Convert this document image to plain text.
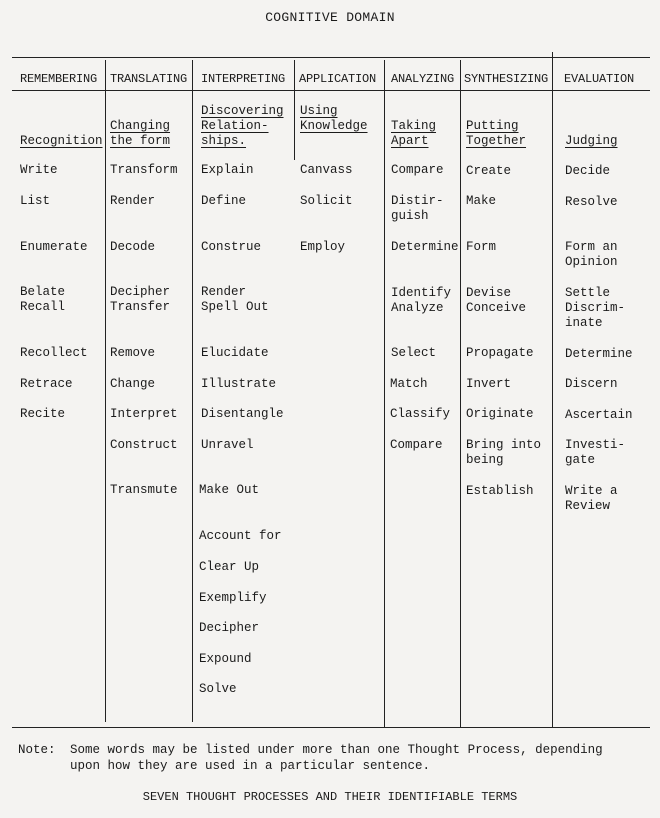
COGNITIVE DOMAIN
REMEMBERING TRANSLATING INTERPRETING APPLICATION ANALYZING SYNTHESIZING EVALUATION
Recognition
Changing
the form
Discovering
Relation-
ships.
Using
Knowledge Taking
Apart
Putting
Together	Judging
Write
List
Enumerate
Belate
Recall
Recollect
Retrace
Recite
Transform
Render
Decode
Decipher
Transfer
Remove
Change
Interpret
Construct
Transmute
Explain
Define
Construe
Render
Spell Out
Elucidate
Illustrate
Disentangle
Unravel
Make Out
Account for
Clear Up
Exemplify
Decipher
Expound
Solve
Canvass
Solicit
Employ
Compare
Distir-
guish
Determine
Identify
Analyze
Select
Match
Classify
Compare
Create
Make
Form
Devise
Conceive
Propagate
Invert
Originate
Bring into
being
Establish
Decide
Resolve
Form an
Opinion
Settle
Discrim-
inate
Determine
Discern
Ascertain
Investi-
gate
Write a
Review
Note: Some words may be listed under more than one Thought Process, depending upon how they are used in a particular sentence.
SEVEN THOUGHT PROCESSES AND THEIR IDENTIFIABLE TERMS
